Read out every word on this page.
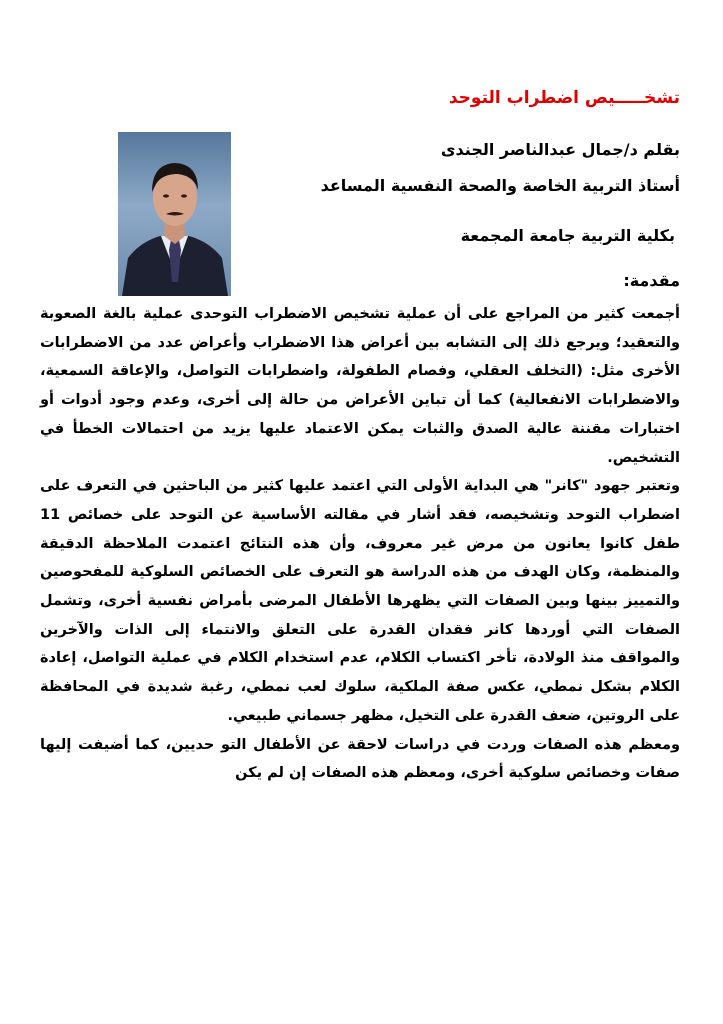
تشخـــــيص اضطراب التوحد
بقلم د/جمال عبدالناصر الجندى
أستاذ التربية الخاصة والصحة النفسية المساعد
بكلية التربية جامعة المجمعة
مقدمة:

أجمعت كثير من المراجع على أن عملية تشخيص الاضطراب التوحدى عملية بالغة الصعوبة والتعقيد؛ ويرجع ذلك إلى التشابه بين أعراض هذا الاضطراب وأعراض عدد من الاضطرابات الأخرى مثل: (التخلف العقلي، وفصام الطفولة، واضطرابات التواصل، والإعاقة السمعية، والاضطرابات الانفعالية) كما أن تباين الأعراض من حالة إلى أخرى، وعدم وجود أدوات أو اختبارات مقننة عالية الصدق والثبات يمكن الاعتماد عليها يزيد من احتمالات الخطأ في التشخيص.

وتعتبر جهود "كانر" هي البداية الأولى التي اعتمد عليها كثير من الباحثين في التعرف على اضطراب التوحد وتشخيصه، فقد أشار في مقالته الأساسية عن التوحد على خصائص 11 طفل كانوا يعانون من مرض غير معروف، وأن هذه النتائج اعتمدت الملاحظة الدقيقة والمنظمة، وكان الهدف من هذه الدراسة هو التعرف على الخصائص السلوكية للمفحوصين والتمييز بينها وبين الصفات التي يظهرها الأطفال المرضى بأمراض نفسية أخرى، وتشمل الصفات التي أوردها كانر فقدان القدرة على التعلق والانتماء إلى الذات والآخرين والمواقف منذ الولادة، تأخر اكتساب الكلام، عدم استخدام الكلام في عملية التواصل، إعادة الكلام بشكل نمطي، عكس صفة الملكية، سلوك لعب نمطي، رغبة شديدة في المحافظة على الروتين، ضعف القدرة على التخيل، مظهر جسماني طبيعي.

ومعظم هذه الصفات وردت في دراسات لاحقة عن الأطفال التو حديين، كما أضيفت إليها صفات وخصائص سلوكية أخرى، ومعظم هذه الصفات إن لم يكن
